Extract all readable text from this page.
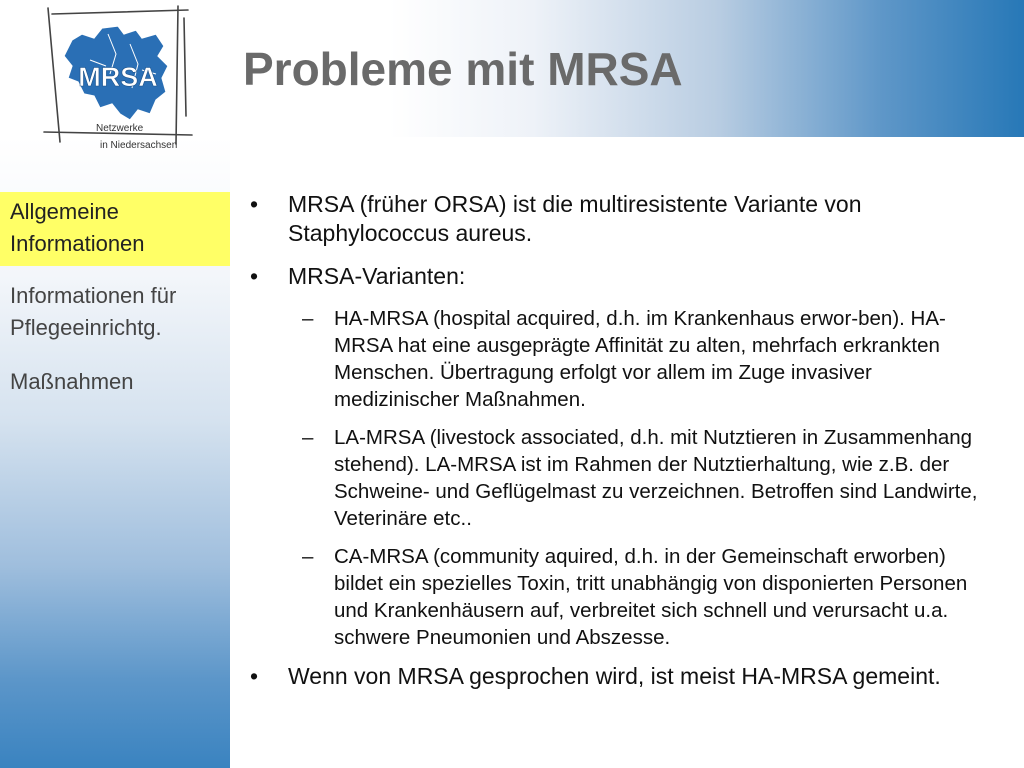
MRSA
Netzwerke
in Niedersachsen
Probleme mit MRSA
Allgemeine Informationen
Informationen für Pflegeeinrichtg.
Maßnahmen
• MRSA (früher ORSA) ist die multiresistente Variante von Staphylococcus aureus.
• MRSA-Varianten:
– HA-MRSA (hospital acquired, d.h. im Krankenhaus erwor-ben). HA-MRSA hat eine ausgeprägte Affinität zu alten, mehrfach erkrankten Menschen. Übertragung erfolgt vor allem im Zuge invasiver medizinischer Maßnahmen.
– LA-MRSA (livestock associated, d.h. mit Nutztieren in Zusammenhang stehend). LA-MRSA ist im Rahmen der Nutztierhaltung, wie z.B. der Schweine- und Geflügelmast zu verzeichnen. Betroffen sind Landwirte, Veterinäre etc..
– CA-MRSA (community aquired, d.h. in der Gemeinschaft erworben) bildet ein spezielles Toxin, tritt unabhängig von disponierten Personen und Krankenhäusern auf, verbreitet sich schnell und verursacht u.a. schwere Pneumonien und Abszesse.
• Wenn von MRSA gesprochen wird, ist meist HA-MRSA gemeint.
